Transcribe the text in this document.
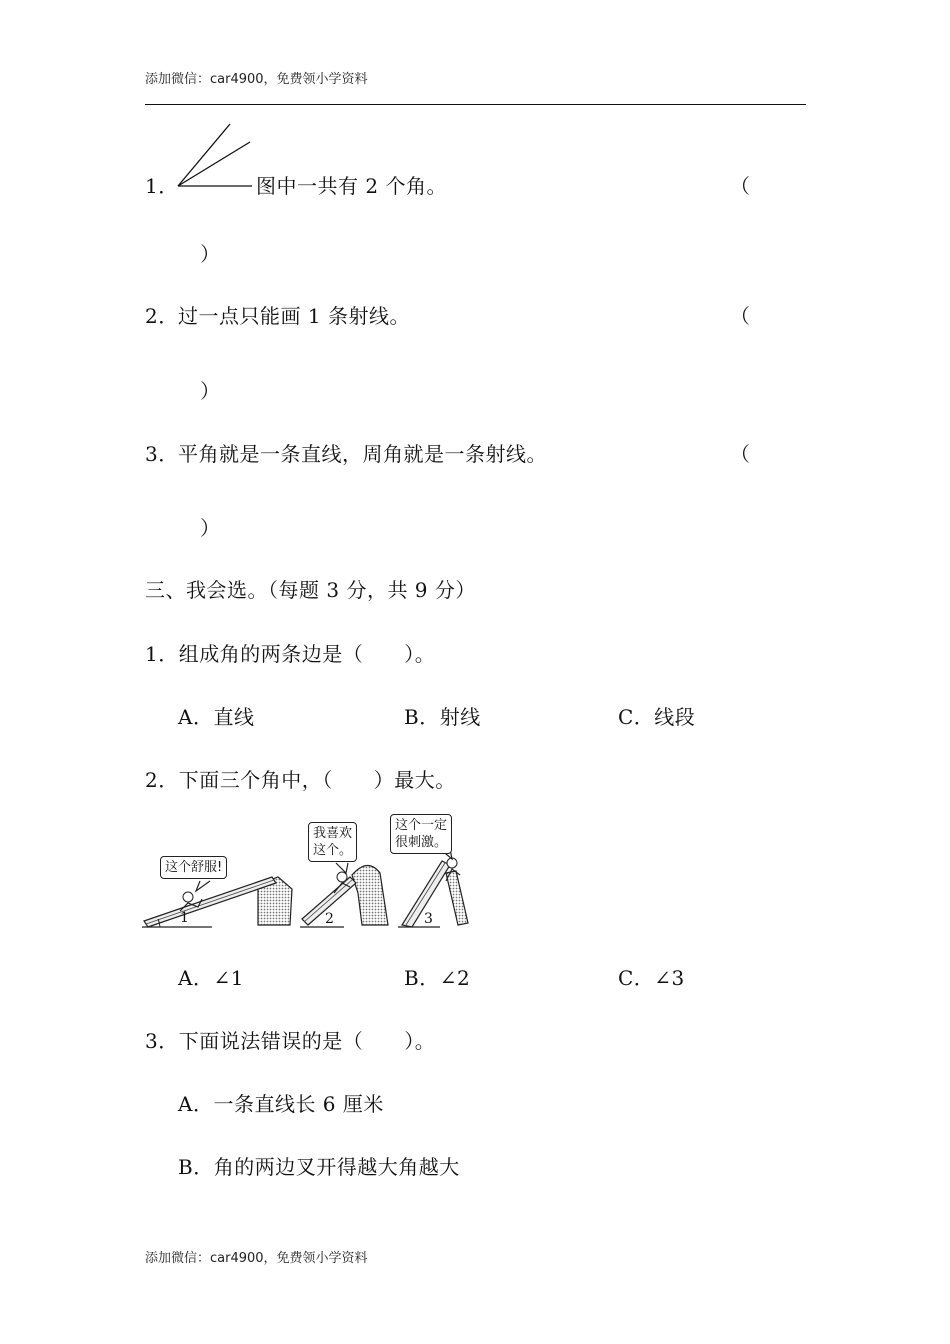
添加微信：car4900，免费领小学资料
1．	图中一共有 2 个角。	（
）
2． 过一点只能画 1 条射线。	（
）
3． 平角就是一条直线，周角就是一条射线。	（
）
三、我会选。（每题 3 分，共 9 分）
1．组成角的两条边是（　　）。
A．直线	B．射线	C．线段
2．下面三个角中，（　　）最大。
这个舒服!
我喜欢
这个。
这个一定
很刺激。
1	2	3
A．∠1	B．∠2	C．∠3
3．下面说法错误的是（　　）。
A．一条直线长 6 厘米
B．角的两边叉开得越大角越大
添加微信：car4900，免费领小学资料
